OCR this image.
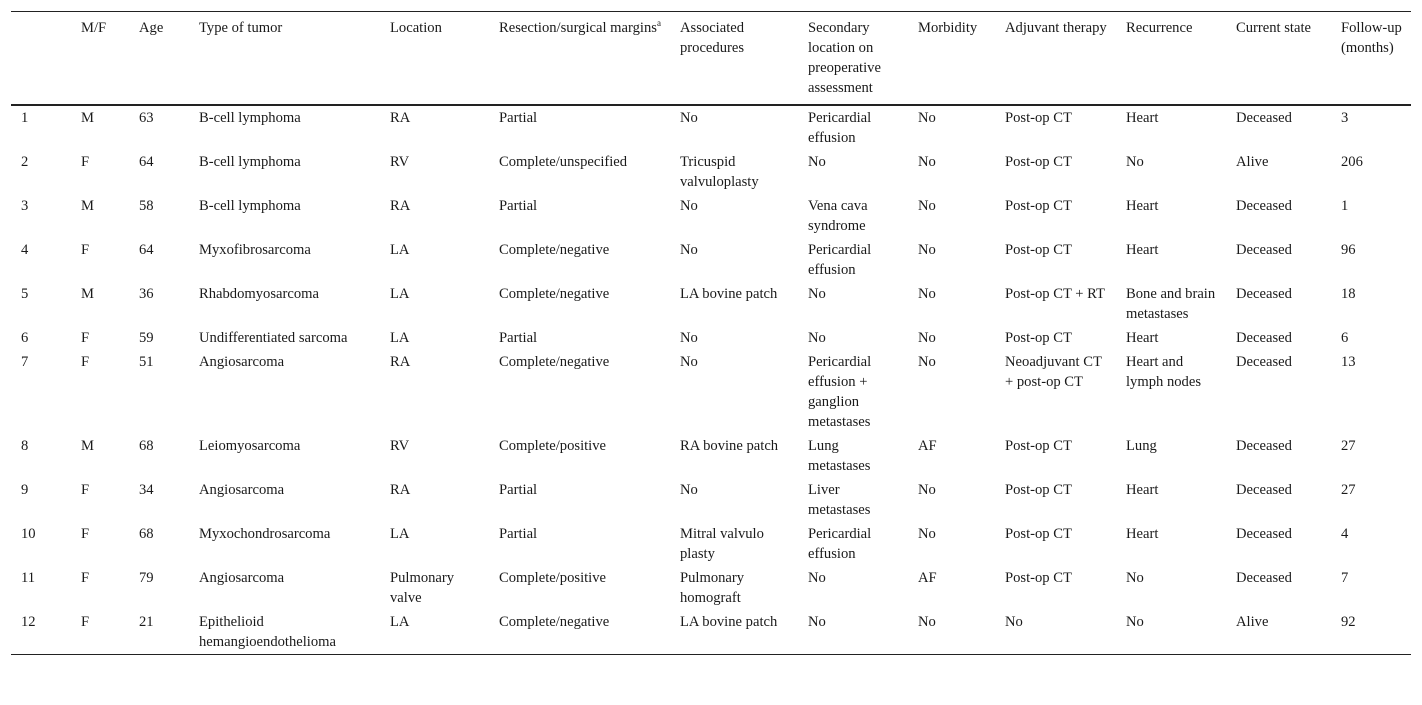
	M/F	Age	Type of tumor	Location	Resection/surgical margins$^a$	Associated procedures	Secondary location on preoperative assessment	Morbidity	Adjuvant therapy	Recurrence	Current state	Follow-up (months)
1	M	63	B-cell lymphoma	RA	Partial	No	Pericardial effusion	No	Post-op CT	Heart	Deceased	3
2	F	64	B-cell lymphoma	RV	Complete/unspecified	Tricuspid valvuloplasty	No	No	Post-op CT	No	Alive	206
3	M	58	B-cell lymphoma	RA	Partial	No	Vena cava syndrome	No	Post-op CT	Heart	Deceased	1
4	F	64	Myxofibrosarcoma	LA	Complete/negative	No	Pericardial effusion	No	Post-op CT	Heart	Deceased	96
5	M	36	Rhabdomyosarcoma	LA	Complete/negative	LA bovine patch	No	No	Post-op CT + RT	Bone and brain metastases	Deceased	18
6	F	59	Undifferentiated sarcoma	LA	Partial	No	No	No	Post-op CT	Heart	Deceased	6
7	F	51	Angiosarcoma	RA	Complete/negative	No	Pericardial effusion + ganglion metastases	No	Neoadjuvant CT + post-op CT	Heart and lymph nodes	Deceased	13
8	M	68	Leiomyosarcoma	RV	Complete/positive	RA bovine patch	Lung metastases	AF	Post-op CT	Lung	Deceased	27
9	F	34	Angiosarcoma	RA	Partial	No	Liver metastases	No	Post-op CT	Heart	Deceased	27
10	F	68	Myxochondrosarcoma	LA	Partial	Mitral valvulo plasty	Pericardial effusion	No	Post-op CT	Heart	Deceased	4
11	F	79	Angiosarcoma	Pulmonary valve	Complete/positive	Pulmonary homograft	No	AF	Post-op CT	No	Deceased	7
12	F	21	Epithelioid hemangioendothelioma	LA	Complete/negative	LA bovine patch	No	No	No	No	Alive	92
